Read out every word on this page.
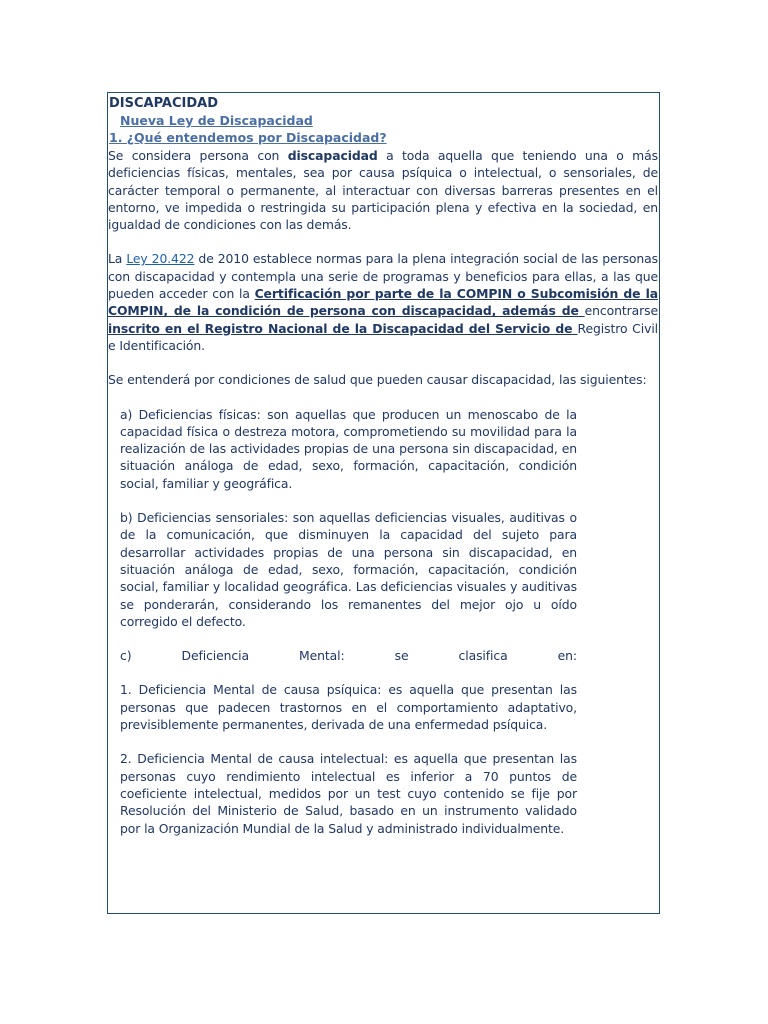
DISCAPACIDAD

Nueva Ley de Discapacidad

1. ¿Qué entendemos por Discapacidad?

Se considera persona con discapacidad a toda aquella que teniendo una o más deficiencias físicas, mentales, sea por causa psíquica o intelectual, o sensoriales, de carácter temporal o permanente, al interactuar con diversas barreras presentes en el entorno, ve impedida o restringida su participación plena y efectiva en la sociedad, en igualdad de condiciones con las demás.

La Ley 20.422 de 2010 establece normas para la plena integración social de las personas con discapacidad y contempla una serie de programas y beneficios para ellas, a las que pueden acceder con la Certificación por parte de la COMPIN o Subcomisión de la COMPIN, de la condición de persona con discapacidad, además de encontrarse inscrito en el Registro Nacional de la Discapacidad del Servicio de Registro Civil e Identificación.

Se entenderá por condiciones de salud que pueden causar discapacidad, las siguientes:

a) Deficiencias físicas: son aquellas que producen un menoscabo de la capacidad física o destreza motora, comprometiendo su movilidad para la realización de las actividades propias de una persona sin discapacidad, en situación análoga de edad, sexo, formación, capacitación, condición social, familiar y geográfica.

b) Deficiencias sensoriales: son aquellas deficiencias visuales, auditivas o de la comunicación, que disminuyen la capacidad del sujeto para desarrollar actividades propias de una persona sin discapacidad, en situación análoga de edad, sexo, formación, capacitación, condición social, familiar y localidad geográfica. Las deficiencias visuales y auditivas se ponderarán, considerando los remanentes del mejor ojo u oído corregido el defecto.

c) Deficiencia Mental: se clasifica en:

1. Deficiencia Mental de causa psíquica: es aquella que presentan las personas que padecen trastornos en el comportamiento adaptativo, previsiblemente permanentes, derivada de una enfermedad psíquica.

2. Deficiencia Mental de causa intelectual: es aquella que presentan las personas cuyo rendimiento intelectual es inferior a 70 puntos de coeficiente intelectual, medidos por un test cuyo contenido se fije por Resolución del Ministerio de Salud, basado en un instrumento validado por la Organización Mundial de la Salud y administrado individualmente.
